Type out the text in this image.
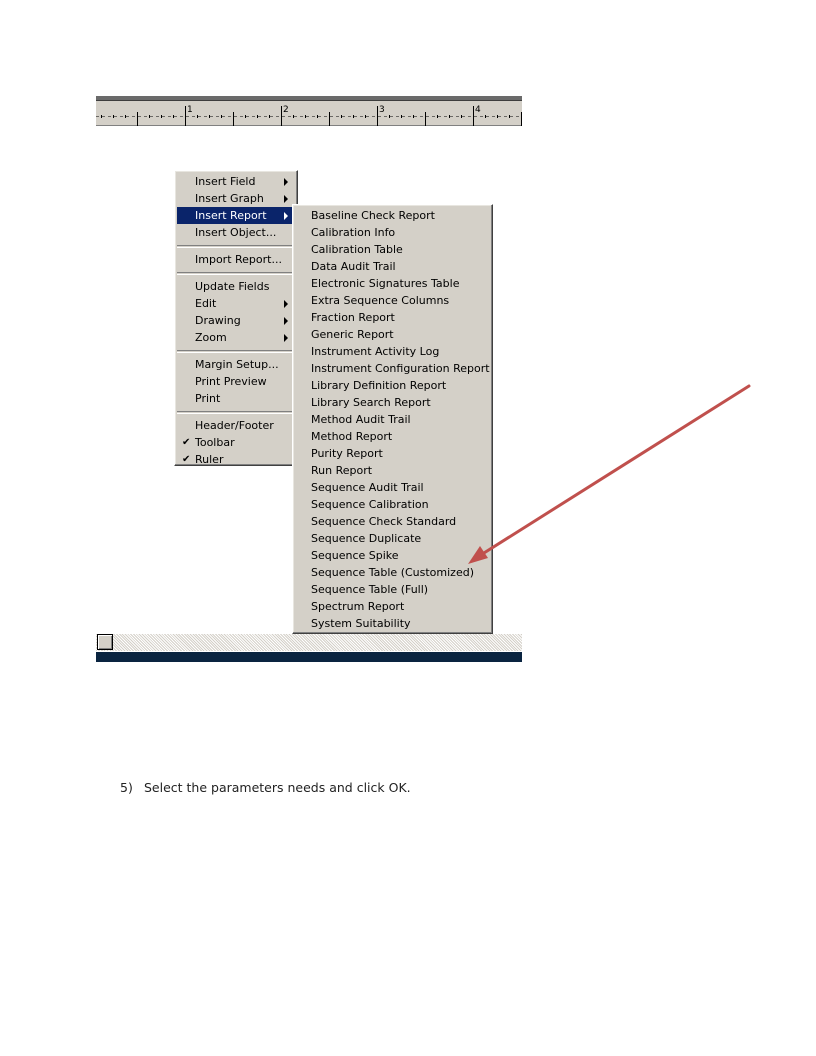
1	2	3	4
Insert Field
Insert Graph
Insert Report
Insert Object...
Import Report...
Update Fields
Edit
Drawing
Zoom
Margin Setup...
Print Preview
Print
Header/Footer
✔ Toolbar
✔ Ruler
Baseline Check Report
Calibration Info
Calibration Table
Data Audit Trail
Electronic Signatures Table
Extra Sequence Columns
Fraction Report
Generic Report
Instrument Activity Log
Instrument Configuration Report
Library Definition Report
Library Search Report
Method Audit Trail
Method Report
Purity Report
Run Report
Sequence Audit Trail
Sequence Calibration
Sequence Check Standard
Sequence Duplicate
Sequence Spike
Sequence Table (Customized)
Sequence Table (Full)
Spectrum Report
System Suitability
5) Select the parameters needs and click OK.
